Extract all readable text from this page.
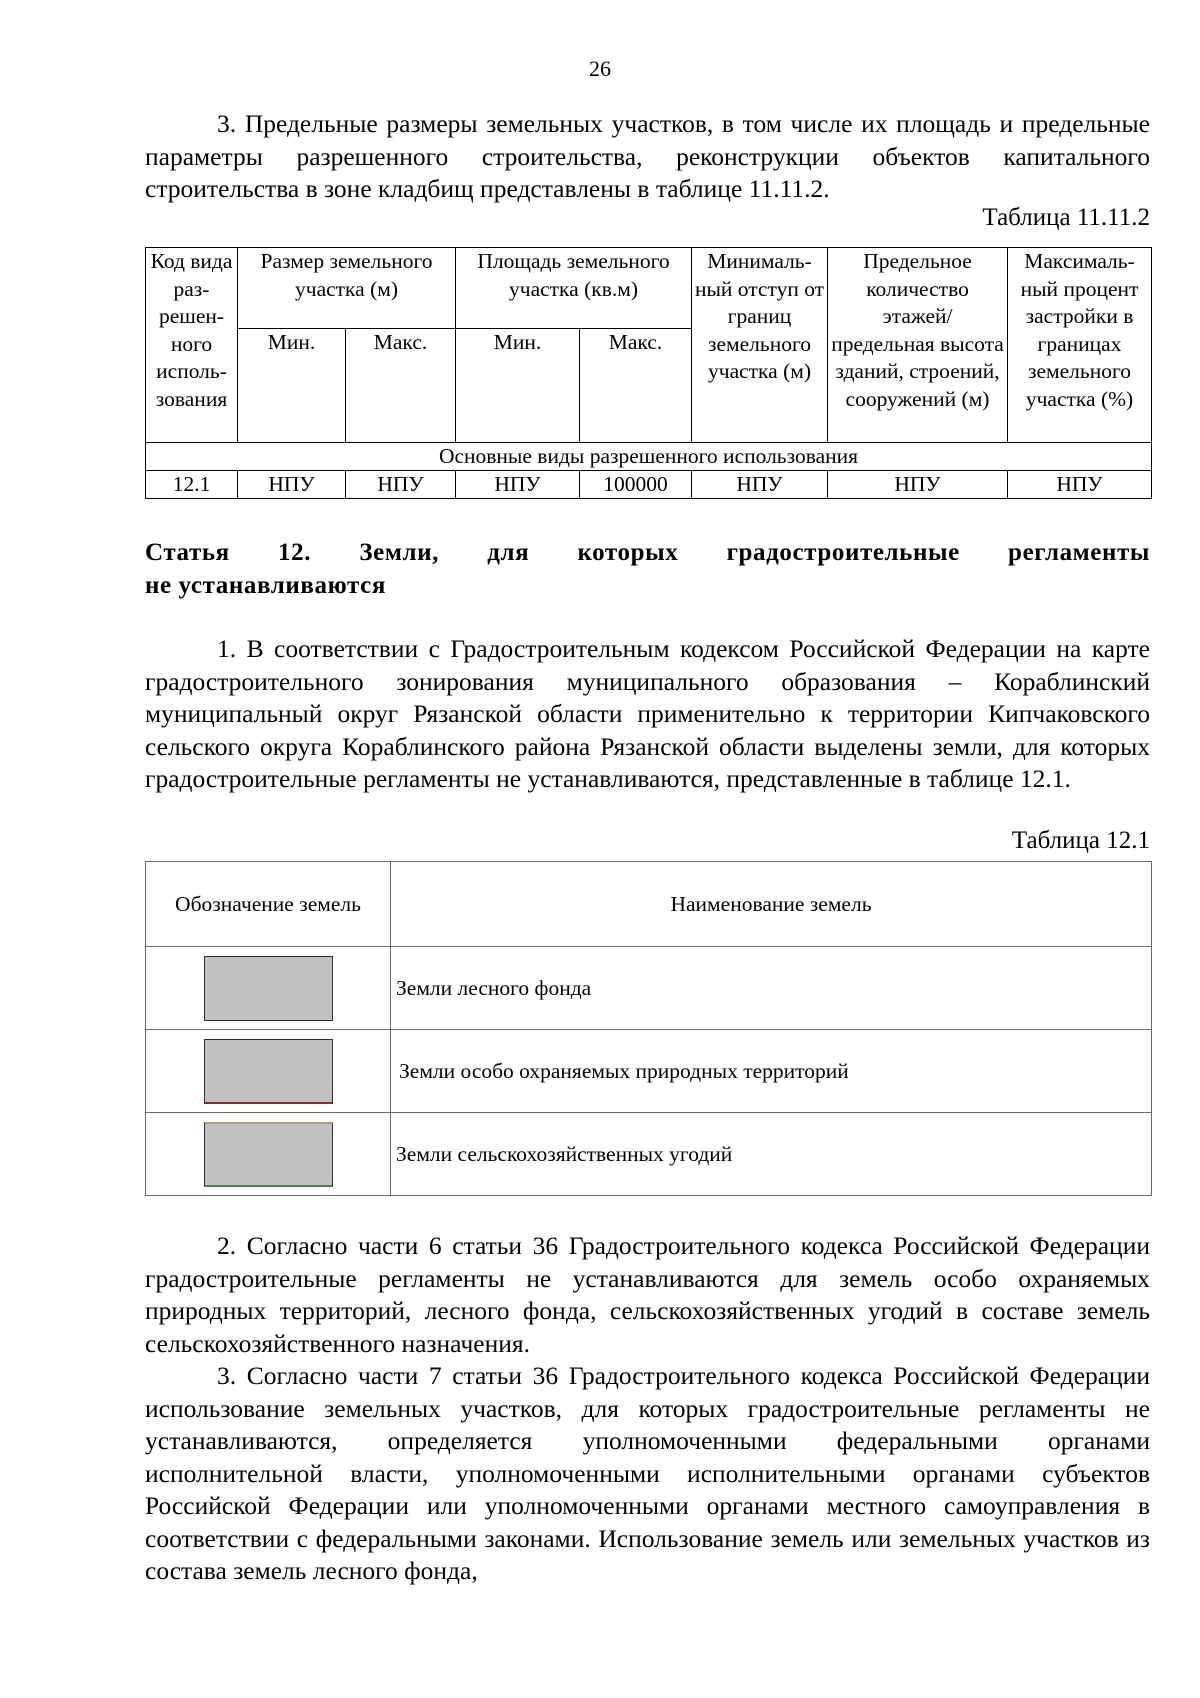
26

3. Предельные размеры земельных участков, в том числе их площадь и предельные параметры разрешенного строительства, реконструкции объектов капитального строительства в зоне кладбищ представлены в таблице 11.11.2.

Таблица 11.11.2
Код вида раз- решен- ного исполь- зования	Размер земельного участка (м)		Площадь земельного участка (кв.м)		Минималь- ный отступ от границ земельного участка (м)	Предельное количество этажей/ предельная высота зданий, строений, сооружений (м)	Максималь- ный процент застройки в границах земельного участка (%)
	Мин.	Макс.	Мин.	Макс.			
Основные виды разрешенного использования							
12.1	НПУ	НПУ	НПУ	100000	НПУ	НПУ	НПУ
Статья 12. Земли, для которых градостроительные регламенты
не устанавливаются

1. В соответствии с Градостроительным кодексом Российской Федерации на карте градостроительного зонирования муниципального образования – Кораблинский муниципальный округ Рязанской области применительно к территории Кипчаковского сельского округа Кораблинского района Рязанской области выделены земли, для которых градостроительные регламенты не устанавливаются, представленные в таблице 12.1.

Таблица 12.1
Обозначение земель	Наименование земель

	Земли лесного фонда

	Земли особо охраняемых природных территорий

	Земли сельскохозяйственных угодий

2. Согласно части 6 статьи 36 Градостроительного кодекса Российской Федерации градостроительные регламенты не устанавливаются для земель особо охраняемых природных территорий, лесного фонда, сельскохозяйственных угодий в составе земель сельскохозяйственного назначения.

3. Согласно части 7 статьи 36 Градостроительного кодекса Российской Федерации использование земельных участков, для которых градостроительные регламенты не устанавливаются, определяется уполномоченными федеральными органами исполнительной власти, уполномоченными исполнительными органами субъектов Российской Федерации или уполномоченными органами местного самоуправления в соответствии с федеральными законами. Использование земель или земельных участков из состава земель лесного фонда,
